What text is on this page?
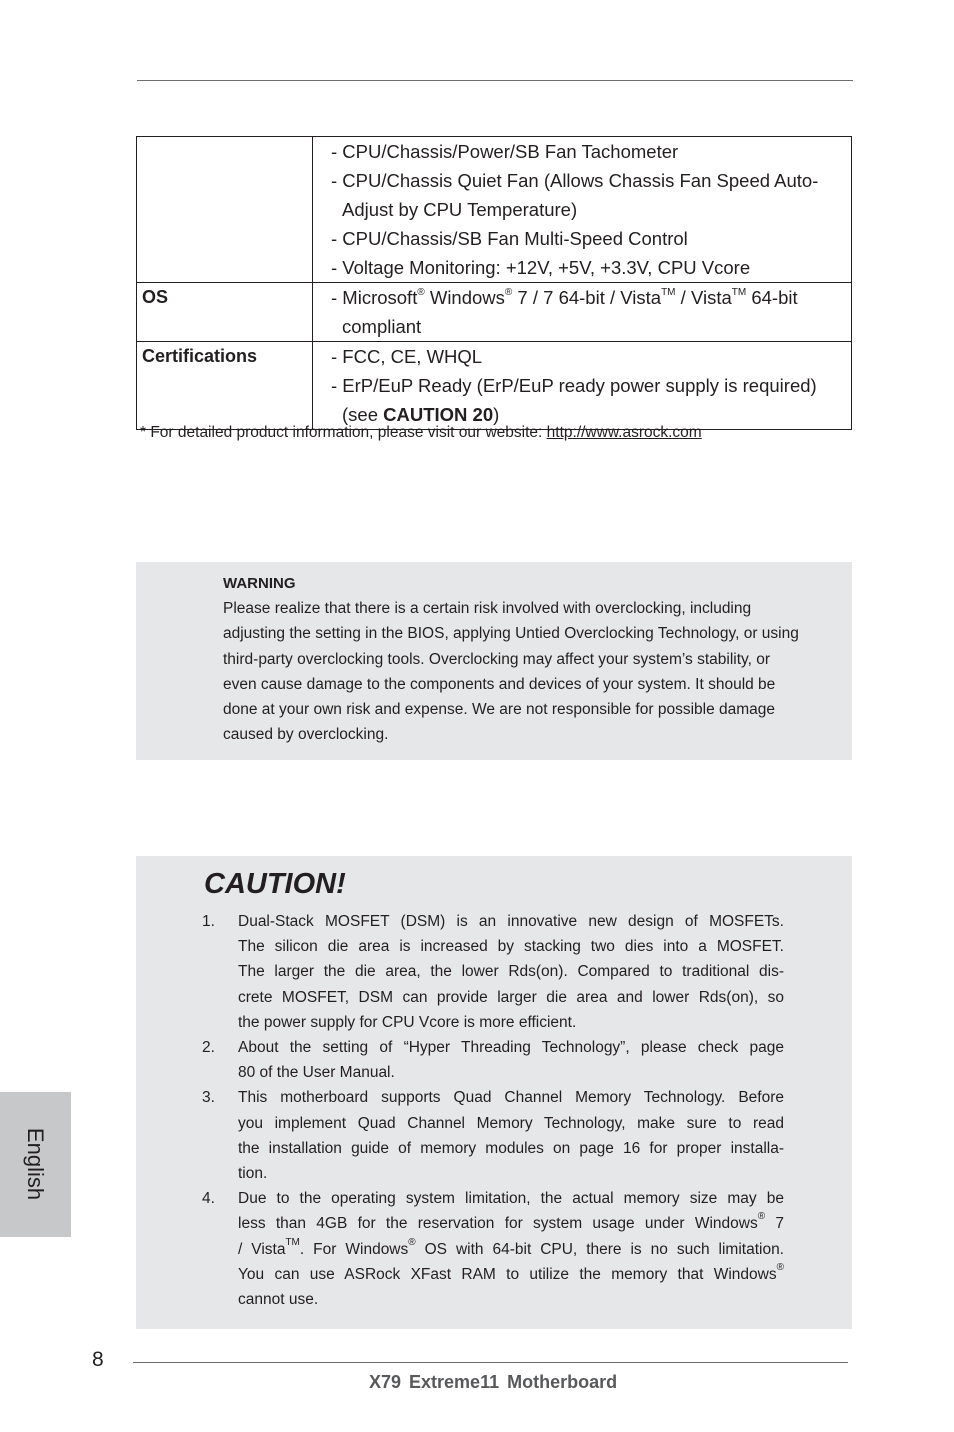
	- CPU/Chassis/Power/SB Fan Tachometer
- CPU/Chassis Quiet Fan (Allows Chassis Fan Speed Auto-
Adjust by CPU Temperature)
- CPU/Chassis/SB Fan Multi-Speed Control
- Voltage Monitoring: +12V, +5V, +3.3V, CPU Vcore

OS	- Microsoft® Windows® 7 / 7 64-bit / Vista™ / Vista™ 64-bit
compliant

Certifications	- FCC, CE, WHQL
- ErP/EuP Ready (ErP/EuP ready power supply is required)
(see CAUTION 20)
* For detailed product information, please visit our website: http://www.asrock.com
WARNING
Please realize that there is a certain risk involved with overclocking, including
adjusting the setting in the BIOS, applying Untied Overclocking Technology, or using
third-party overclocking tools. Overclocking may affect your system’s stability, or
even cause damage to the components and devices of your system. It should be
done at your own risk and expense. We are not responsible for possible damage
caused by overclocking.
CAUTION!
1. Dual-Stack MOSFET (DSM) is an innovative new design of MOSFETs.
The silicon die area is increased by stacking two dies into a MOSFET.
The larger the die area, the lower Rds(on). Compared to traditional dis-
crete MOSFET, DSM can provide larger die area and lower Rds(on), so
the power supply for CPU Vcore is more efficient.
2. About the setting of “Hyper Threading Technology”, please check page
80 of the User Manual.
3. This motherboard supports Quad Channel Memory Technology. Before
you implement Quad Channel Memory Technology, make sure to read
the installation guide of memory modules on page 16 for proper installa-
tion.
4. Due to the operating system limitation, the actual memory size may be
less than 4GB for the reservation for system usage under Windows® 7
/ Vista™. For Windows® OS with 64-bit CPU, there is no such limitation.
You can use ASRock XFast RAM to utilize the memory that Windows®
cannot use.
English
8
X79 Extreme11 Motherboard
